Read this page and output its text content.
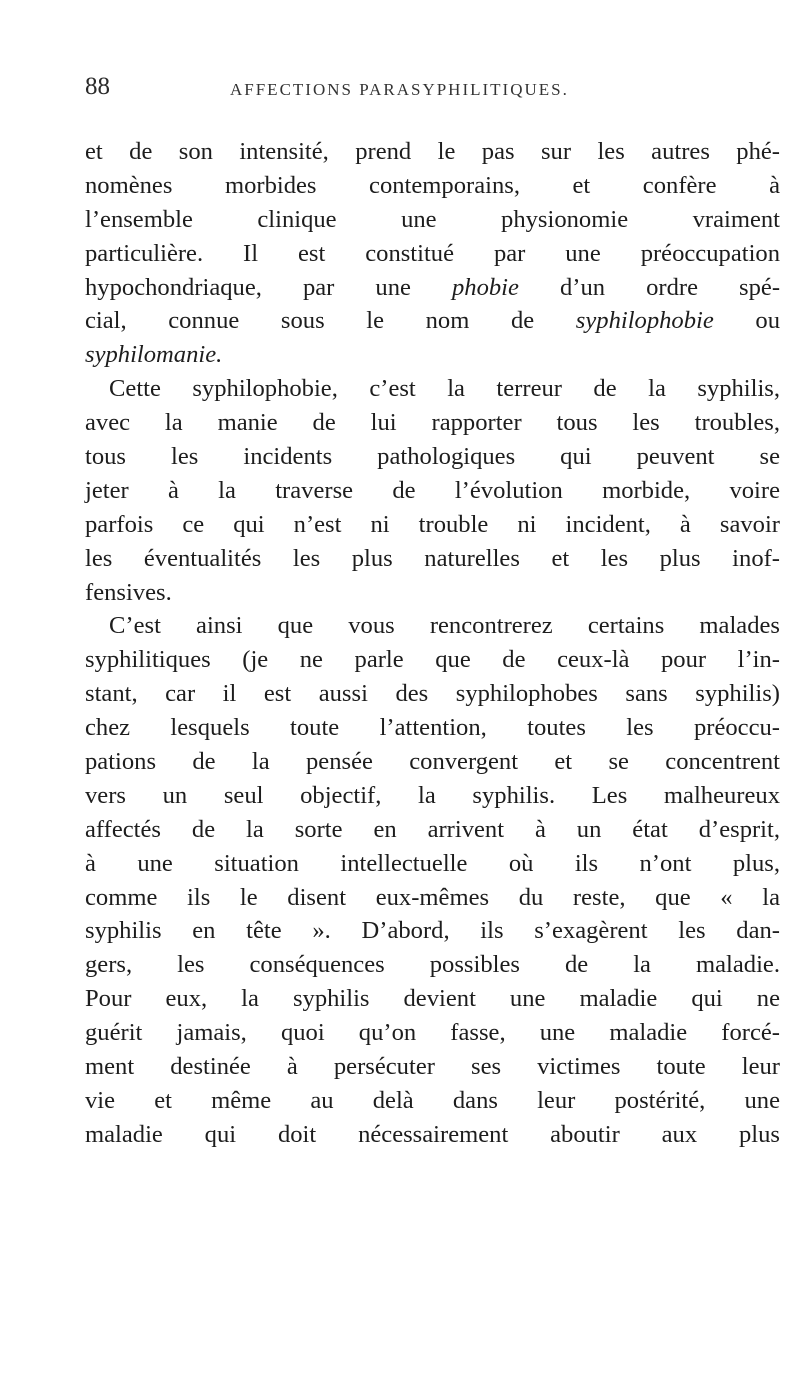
88	AFFECTIONS PARASYPHILITIQUES.
et de son intensité, prend le pas sur les autres phé-
nomènes morbides contemporains, et confère à
l’ensemble clinique une physionomie vraiment
particulière. Il est constitué par une préoccupation
hypochondriaque, par une phobie d’un ordre spé-
cial, connue sous le nom de syphilophobie ou
syphilomanie.
Cette syphilophobie, c’est la terreur de la syphilis,
avec la manie de lui rapporter tous les troubles,
tous les incidents pathologiques qui peuvent se
jeter à la traverse de l’évolution morbide, voire
parfois ce qui n’est ni trouble ni incident, à savoir
les éventualités les plus naturelles et les plus inof-
fensives.
C’est ainsi que vous rencontrerez certains malades
syphilitiques (je ne parle que de ceux-là pour l’in-
stant, car il est aussi des syphilophobes sans syphilis)
chez lesquels toute l’attention, toutes les préoccu-
pations de la pensée convergent et se concentrent
vers un seul objectif, la syphilis. Les malheureux
affectés de la sorte en arrivent à un état d’esprit,
à une situation intellectuelle où ils n’ont plus,
comme ils le disent eux-mêmes du reste, que « la
syphilis en tête ». D’abord, ils s’exagèrent les dan-
gers, les conséquences possibles de la maladie.
Pour eux, la syphilis devient une maladie qui ne
guérit jamais, quoi qu’on fasse, une maladie forcé-
ment destinée à persécuter ses victimes toute leur
vie et même au delà dans leur postérité, une
maladie qui doit nécessairement aboutir aux plus
